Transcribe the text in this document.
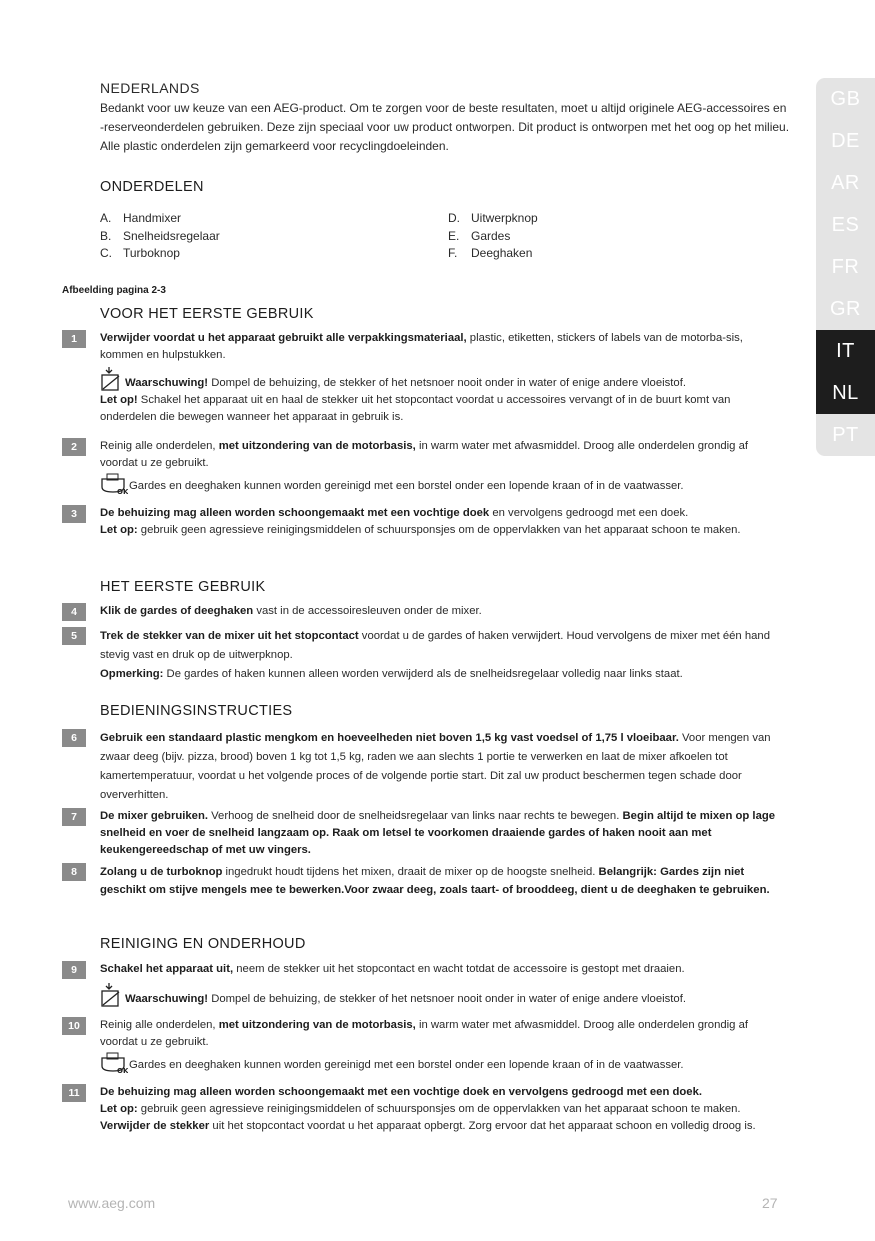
GB
DE
AR
ES
FR
GR
IT
NL
PT
NEDERLANDS
Bedankt voor uw keuze van een AEG-product. Om te zorgen voor de beste resultaten, moet u altijd originele AEG-accessoires en -reserveonderdelen gebruiken. Deze zijn speciaal voor uw product ontworpen. Dit product is ontworpen met het oog op het milieu. Alle plastic onderdelen zijn gemarkeerd voor recyclingdoeleinden.
ONDERDELEN
A. Handmixer
B. Snelheidsregelaar
C. Turboknop
D. Uitwerpknop
E. Gardes
F. Deeghaken
Afbeelding pagina 2-3
VOOR HET EERSTE GEBRUIK
1	Verwijder voordat u het apparaat gebruikt alle verpakkingsmateriaal, plastic, etiketten, stickers of labels van de motorba-sis, kommen en hulpstukken.
Waarschuwing! Dompel de behuizing, de stekker of het netsnoer nooit onder in water of enige andere vloeistof.
Let op! Schakel het apparaat uit en haal de stekker uit het stopcontact voordat u accessoires vervangt of in de buurt komt van onderdelen die bewegen wanneer het apparaat in gebruik is.
2	Reinig alle onderdelen, met uitzondering van de motorbasis, in warm water met afwasmiddel. Droog alle onderdelen grondig af voordat u ze gebruikt.
OK Gardes en deeghaken kunnen worden gereinigd met een borstel onder een lopende kraan of in de vaatwasser.
3	De behuizing mag alleen worden schoongemaakt met een vochtige doek en vervolgens gedroogd met een doek.
Let op: gebruik geen agressieve reinigingsmiddelen of schuursponsjes om de oppervlakken van het apparaat schoon te maken.
HET EERSTE GEBRUIK
4	Klik de gardes of deeghaken vast in de accessoiresleuven onder de mixer.
5	Trek de stekker van de mixer uit het stopcontact voordat u de gardes of haken verwijdert. Houd vervolgens de mixer met één hand stevig vast en druk op de uitwerpknop.
Opmerking: De gardes of haken kunnen alleen worden verwijderd als de snelheidsregelaar volledig naar links staat.
BEDIENINGSINSTRUCTIES
6	Gebruik een standaard plastic mengkom en hoeveelheden niet boven 1,5 kg vast voedsel of 1,75 l vloeibaar. Voor mengen van zwaar deeg (bijv. pizza, brood) boven 1 kg tot 1,5 kg, raden we aan slechts 1 portie te verwerken en laat de mixer afkoelen tot kamertemperatuur, voordat u het volgende proces of de volgende portie start. Dit zal uw product beschermen tegen schade door oververhitten.
7	De mixer gebruiken. Verhoog de snelheid door de snelheidsregelaar van links naar rechts te bewegen. Begin altijd te mixen op lage snelheid en voer de snelheid langzaam op. Raak om letsel te voorkomen draaiende gardes of haken nooit aan met keukengereedschap of met uw vingers.
8	Zolang u de turboknop ingedrukt houdt tijdens het mixen, draait de mixer op de hoogste snelheid. Belangrijk: Gardes zijn niet geschikt om stijve mengels mee te bewerken.Voor zwaar deeg, zoals taart- of brooddeeg, dient u de deeghaken te gebruiken.
REINIGING EN ONDERHOUD
9	Schakel het apparaat uit, neem de stekker uit het stopcontact en wacht totdat de accessoire is gestopt met draaien.
Waarschuwing! Dompel de behuizing, de stekker of het netsnoer nooit onder in water of enige andere vloeistof.
10	Reinig alle onderdelen, met uitzondering van de motorbasis, in warm water met afwasmiddel. Droog alle onderdelen grondig af voordat u ze gebruikt.
OK Gardes en deeghaken kunnen worden gereinigd met een borstel onder een lopende kraan of in de vaatwasser.
11	De behuizing mag alleen worden schoongemaakt met een vochtige doek en vervolgens gedroogd met een doek.
Let op: gebruik geen agressieve reinigingsmiddelen of schuursponsjes om de oppervlakken van het apparaat schoon te maken.
Verwijder de stekker uit het stopcontact voordat u het apparaat opbergt. Zorg ervoor dat het apparaat schoon en volledig droog is.
www.aeg.com	27
